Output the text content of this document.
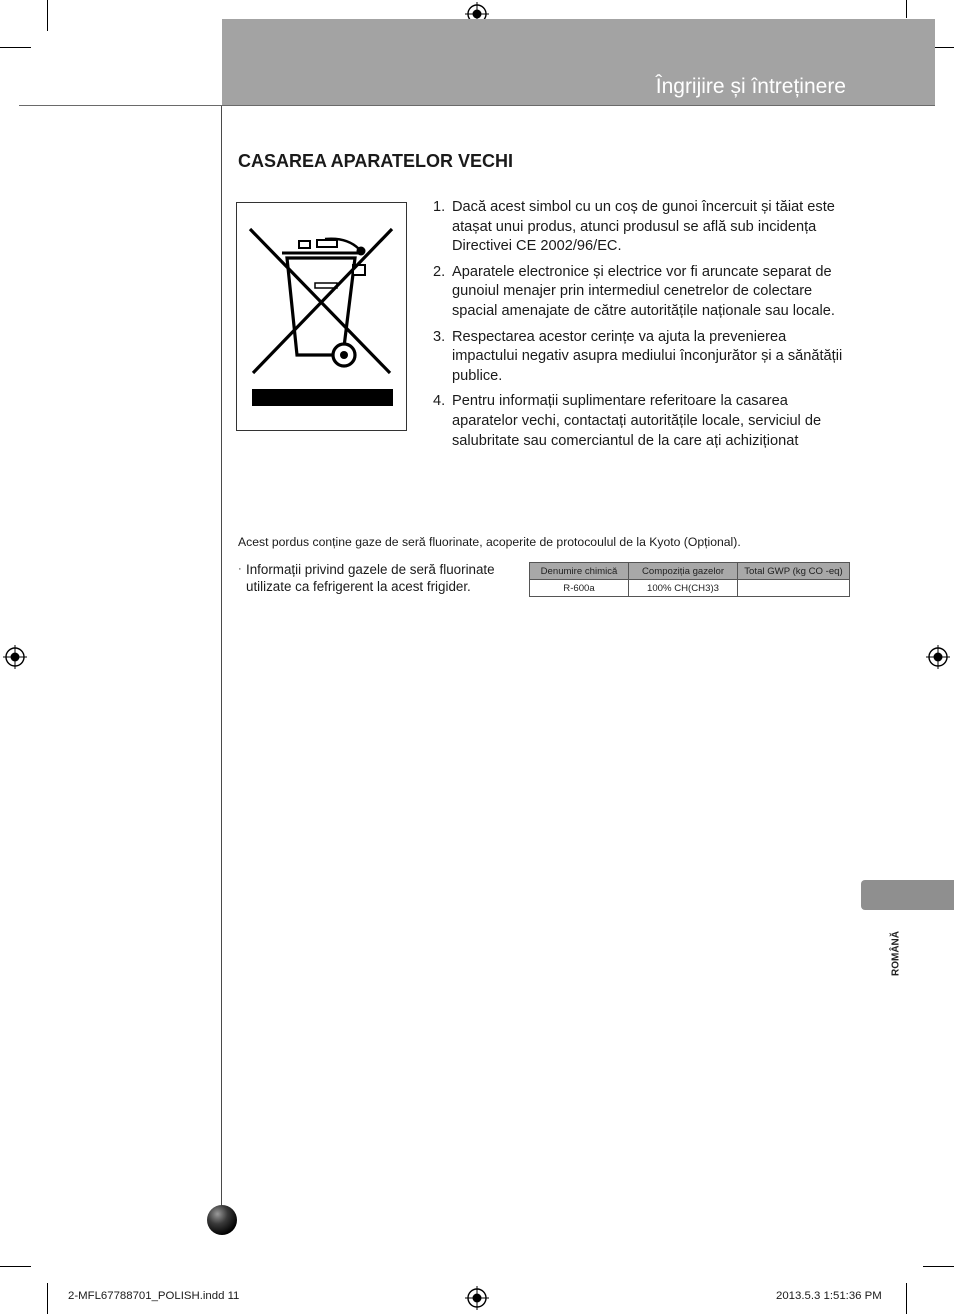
Îngrijire și întreținere
CASAREA APARATELOR VECHI
1. Dacă acest simbol cu un coș de gunoi încercuit și tăiat este atașat unui produs, atunci produsul se află sub incidența Directivei CE 2002/96/EC.
2. Aparatele electronice și electrice vor fi aruncate separat de gunoiul menajer prin intermediul cenetrelor de colectare spacial amenajate de către autoritățile naționale sau locale.
3. Respectarea acestor cerințe va ajuta la prevenierea impactului negativ asupra mediului înconjurător și a sănătății publice.
4. Pentru informații suplimentare referitoare la casarea aparatelor vechi, contactați autoritățile locale, serviciul de salubritate sau comerciantul de la care ați achiziționat
Acest pordus conține gaze de seră fluorinate, acoperite de protocoulul de la Kyoto (Opțional).
· Informații privind gazele de seră fluorinate utilizate ca fefrigerent la acest frigider.
Denumire chimică	Compoziția gazelor	Total GWP (kg CO -eq)
R-600a	100% CH(CH3)3	
ROMÂNĂ
2-MFL67788701_POLISH.indd 11	2013.5.3 1:51:36 PM
